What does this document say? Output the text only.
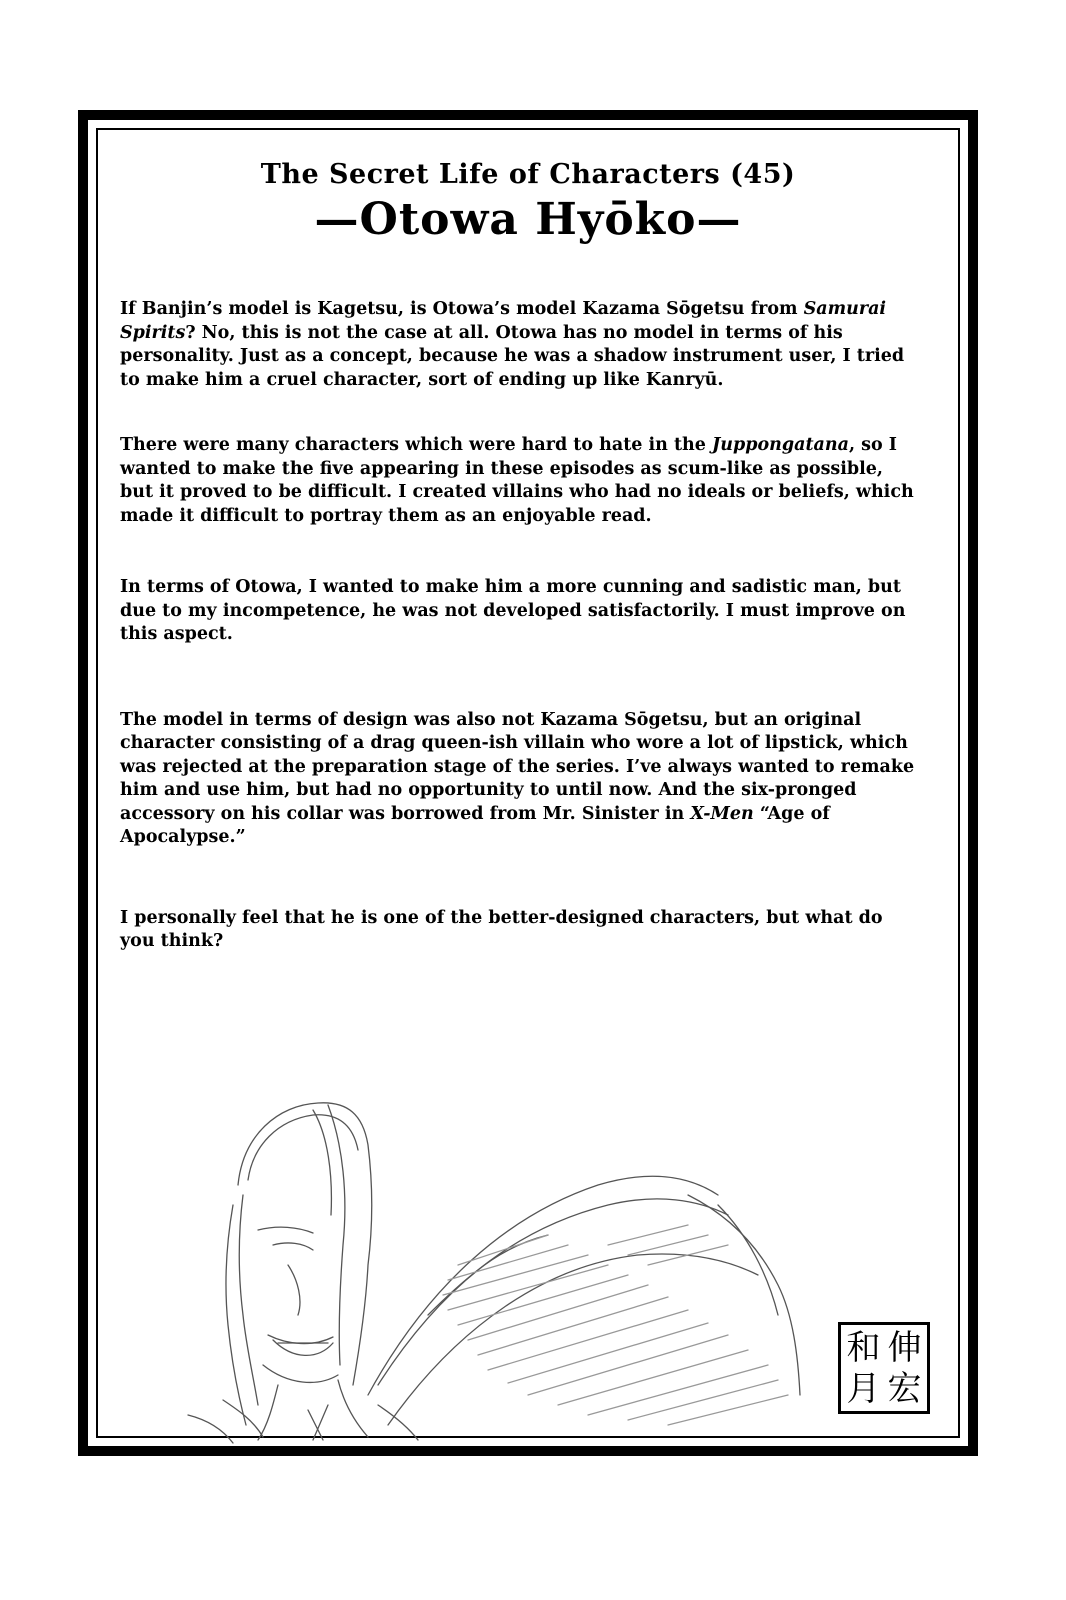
The Secret Life of Characters (45)
—Otowa Hyōko—

If Banjin’s model is Kagetsu, is Otowa’s model Kazama Sōgetsu from Samurai Spirits? No, this is not the case at all. Otowa has no model in terms of his personality. Just as a concept, because he was a shadow instrument user, I tried to make him a cruel character, sort of ending up like Kanryū.

There were many characters which were hard to hate in the Juppongatana, so I wanted to make the five appearing in these episodes as scum-like as possible, but it proved to be difficult. I created villains who had no ideals or beliefs, which made it difficult to portray them as an enjoyable read.

In terms of Otowa, I wanted to make him a more cunning and sadistic man, but due to my incompetence, he was not developed satisfactorily. I must improve on this aspect.

The model in terms of design was also not Kazama Sōgetsu, but an original character consisting of a drag queen-ish villain who wore a lot of lipstick, which was rejected at the preparation stage of the series. I’ve always wanted to remake him and use him, but had no opportunity to until now. And the six-pronged accessory on his collar was borrowed from Mr. Sinister in X-Men “Age of Apocalypse.”

I personally feel that he is one of the better-designed characters, but what do you think?

和 伸
月 宏
